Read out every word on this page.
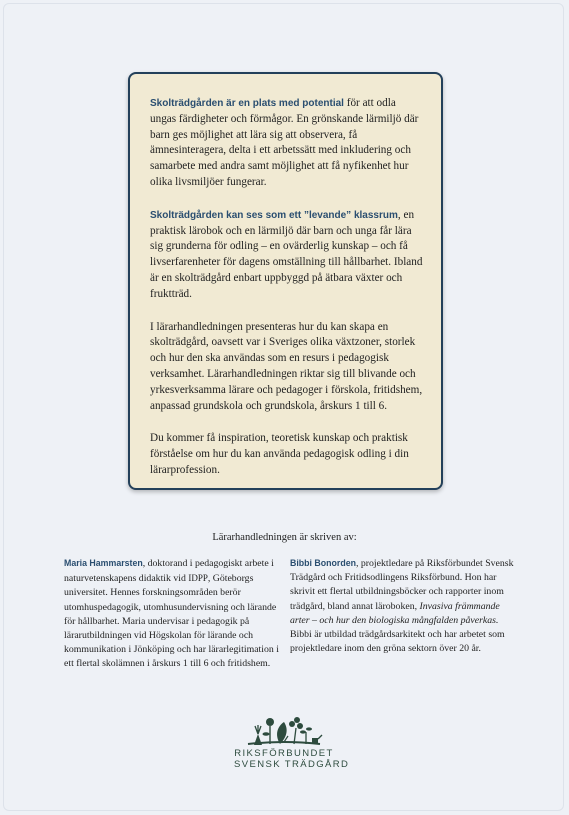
Skolträdgården är en plats med potential för att odla ungas färdigheter och förmågor. En grönskande lärmiljö där barn ges möjlighet att lära sig att observera, få ämnesinteragera, delta i ett arbetssätt med inkludering och samarbete med andra samt möjlighet att få nyfikenhet hur olika livsmiljöer fungerar.

Skolträdgården kan ses som ett ”levande” klassrum, en praktisk lärobok och en lärmiljö där barn och unga får lära sig grunderna för odling – en ovärderlig kunskap – och få livserfarenheter för dagens omställning till hållbarhet. Ibland är en skolträdgård enbart uppbyggd på ätbara växter och fruktträd.

I lärarhandledningen presenteras hur du kan skapa en skolträdgård, oavsett var i Sveriges olika växtzoner, storlek och hur den ska användas som en resurs i pedagogisk verksamhet. Lärarhandledningen riktar sig till blivande och yrkesverksamma lärare och pedagoger i förskola, fritidshem, anpassad grundskola och grundskola, årskurs 1 till 6.

Du kommer få inspiration, teoretisk kunskap och praktisk förståelse om hur du kan använda pedagogisk odling i din lärarprofession.

Lärarhandledningen är skriven av:
Maria Hammarsten, doktorand i pedagogiskt arbete i naturvetenskapens didaktik vid IDPP, Göteborgs universitet. Hennes forskningsområden berör utomhuspedagogik, utomhusundervisning och lärande för hållbarhet. Maria undervisar i pedagogik på lärarutbildningen vid Högskolan för lärande och kommunikation i Jönköping och har lärarlegitimation i ett flertal skolämnen i årskurs 1 till 6 och fritidshem.
Bibbi Bonorden, projektledare på Riksförbundet Svensk Trädgård och Fritidsodlingens Riksförbund. Hon har skrivit ett flertal utbildningsböcker och rapporter inom trädgård, bland annat läroboken, Invasiva främmande arter – och hur den biologiska mångfalden påverkas. Bibbi är utbildad trädgårdsarkitekt och har arbetet som projektledare inom den gröna sektorn över 20 år.
RIKSFÖRBUNDET
SVENSK TRÄDGÅRD
